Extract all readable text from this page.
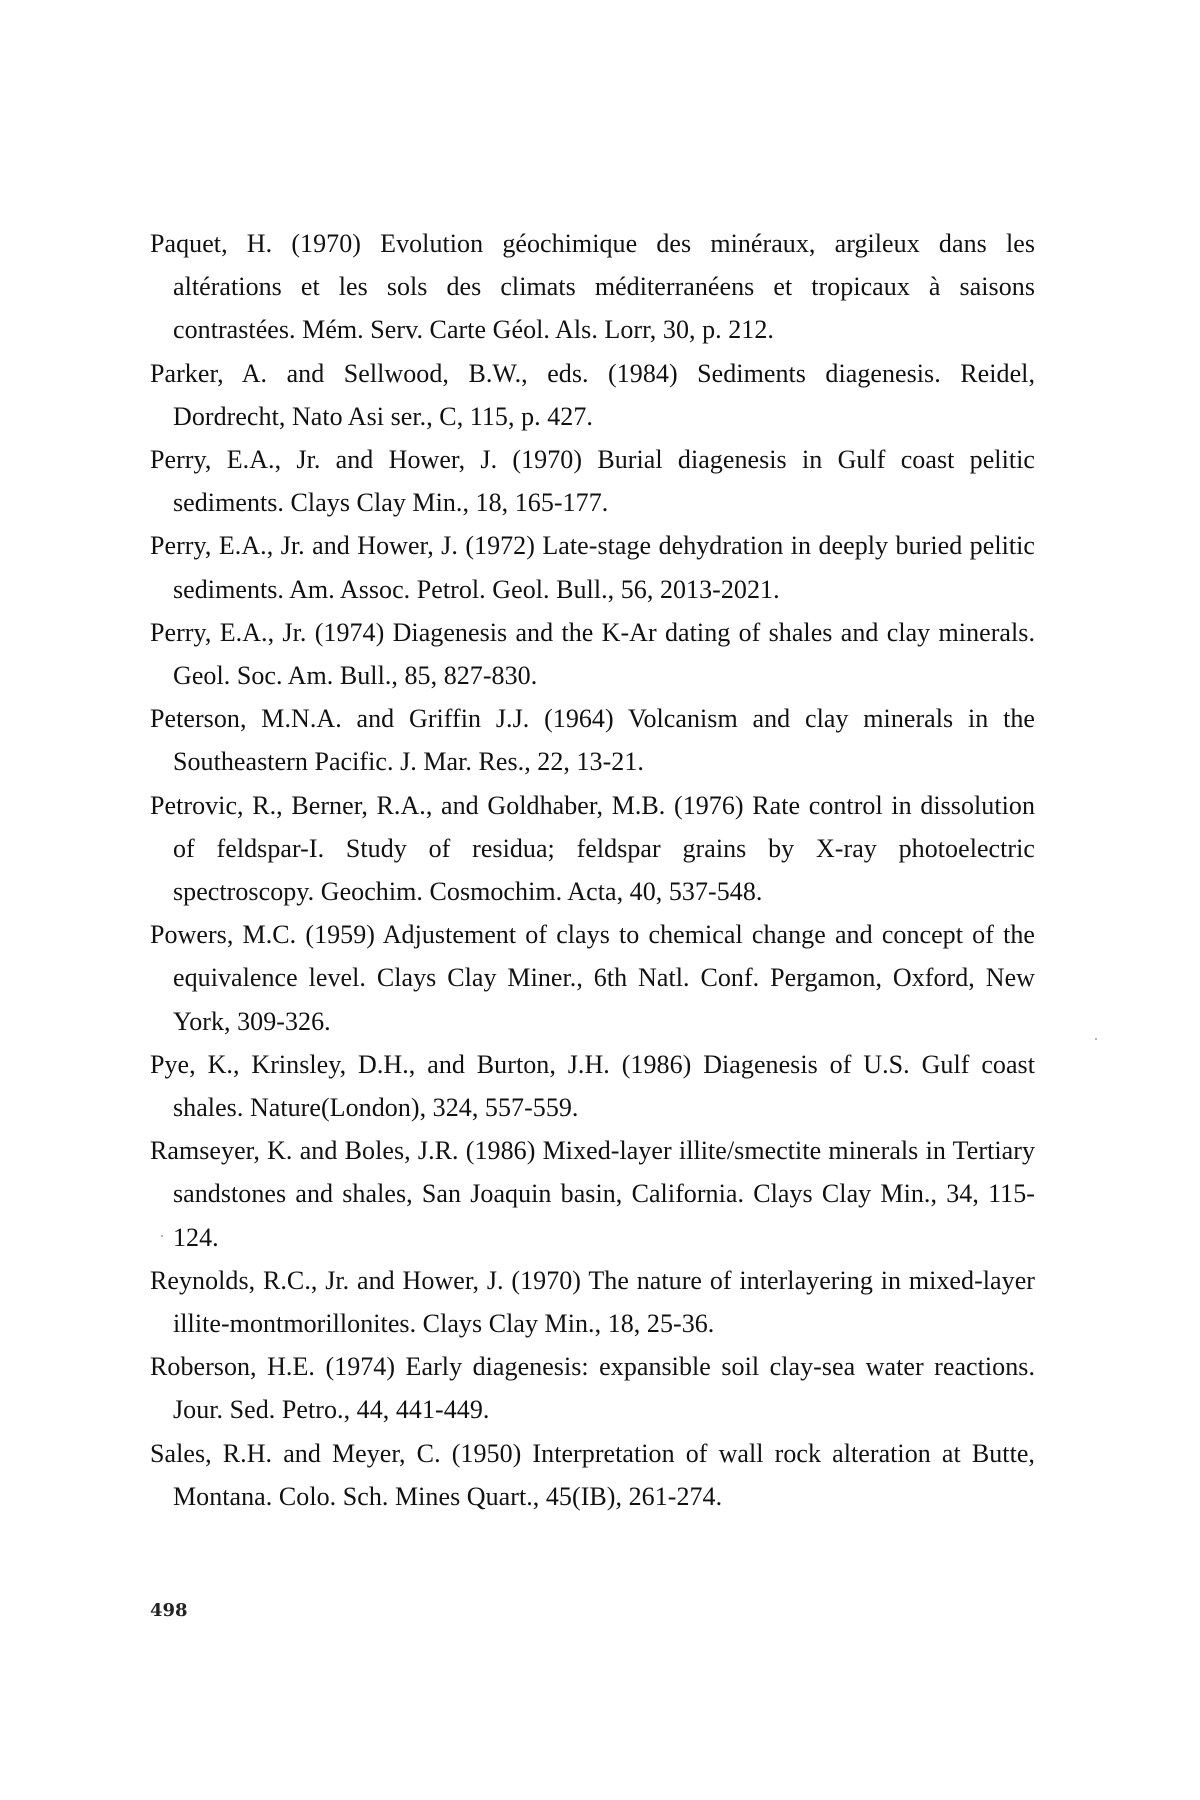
Paquet, H. (1970) Evolution géochimique des minéraux, argileux dans les altérations et les sols des climats méditerranéens et tropicaux à saisons contrastées. Mém. Serv. Carte Géol. Als. Lorr, 30, p. 212.
Parker, A. and Sellwood, B.W., eds. (1984) Sediments diagenesis. Reidel, Dordrecht, Nato Asi ser., C, 115, p. 427.
Perry, E.A., Jr. and Hower, J. (1970) Burial diagenesis in Gulf coast pelitic sediments. Clays Clay Min., 18, 165-177.
Perry, E.A., Jr. and Hower, J. (1972) Late-stage dehydration in deeply buried pelitic sediments. Am. Assoc. Petrol. Geol. Bull., 56, 2013-2021.
Perry, E.A., Jr. (1974) Diagenesis and the K-Ar dating of shales and clay minerals. Geol. Soc. Am. Bull., 85, 827-830.
Peterson, M.N.A. and Griffin J.J. (1964) Volcanism and clay minerals in the Southeastern Pacific. J. Mar. Res., 22, 13-21.
Petrovic, R., Berner, R.A., and Goldhaber, M.B. (1976) Rate control in dissolution of feldspar-I. Study of residua; feldspar grains by X-ray photoelectric spectroscopy. Geochim. Cosmochim. Acta, 40, 537-548.
Powers, M.C. (1959) Adjustement of clays to chemical change and concept of the equivalence level. Clays Clay Miner., 6th Natl. Conf. Pergamon, Oxford, New York, 309-326.
Pye, K., Krinsley, D.H., and Burton, J.H. (1986) Diagenesis of U.S. Gulf coast shales. Nature(London), 324, 557-559.
Ramseyer, K. and Boles, J.R. (1986) Mixed-layer illite/smectite minerals in Tertiary sandstones and shales, San Joaquin basin, California. Clays Clay Min., 34, 115-124.
Reynolds, R.C., Jr. and Hower, J. (1970) The nature of interlayering in mixed-layer illite-montmorillonites. Clays Clay Min., 18, 25-36.
Roberson, H.E. (1974) Early diagenesis: expansible soil clay-sea water reactions. Jour. Sed. Petro., 44, 441-449.
Sales, R.H. and Meyer, C. (1950) Interpretation of wall rock alteration at Butte, Montana. Colo. Sch. Mines Quart., 45(IB), 261-274.
498
